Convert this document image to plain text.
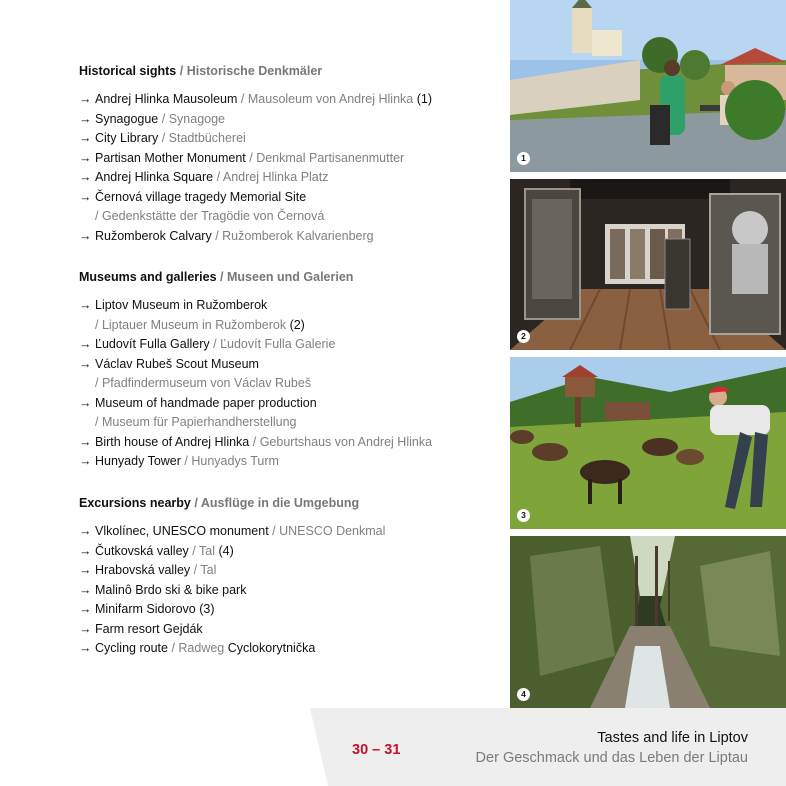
Historical sights / Historische Denkmäler
→ Andrej Hlinka Mausoleum / Mausoleum von Andrej Hlinka (1)
→ Synagogue / Synagoge
→ City Library / Stadtbücherei
→ Partisan Mother Monument / Denkmal Partisanenmutter
→ Andrej Hlinka Square / Andrej Hlinka Platz
→ Černová village tragedy Memorial Site
/ Gedenkstätte der Tragödie von Černová
→ Ružomberok Calvary / Ružomberok Kalvarienberg
Museums and galleries / Museen und Galerien
→ Liptov Museum in Ružomberok
/ Liptauer Museum in Ružomberok (2)
→ Ľudovít Fulla Gallery / Ľudovít Fulla Galerie
→ Václav Rubeš Scout Museum
/ Pfadfindermuseum von Václav Rubeš
→ Museum of handmade paper production
/ Museum für Papierhandherstellung
→ Birth house of Andrej Hlinka / Geburtshaus von Andrej Hlinka
→ Hunyady Tower / Hunyadys Turm
Excursions nearby / Ausflüge in die Umgebung
→ Vlkolínec, UNESCO monument / UNESCO Denkmal
→ Čutkovská valley / Tal (4)
→ Hrabovská valley / Tal
→ Malinô Brdo ski & bike park
→ Minifarm Sidorovo (3)
→ Farm resort Gejdák
→ Cycling route / Radweg Cyclokorytnička
1
2
3
4
30 – 31
Tastes and life in Liptov
Der Geschmack und das Leben der Liptau
